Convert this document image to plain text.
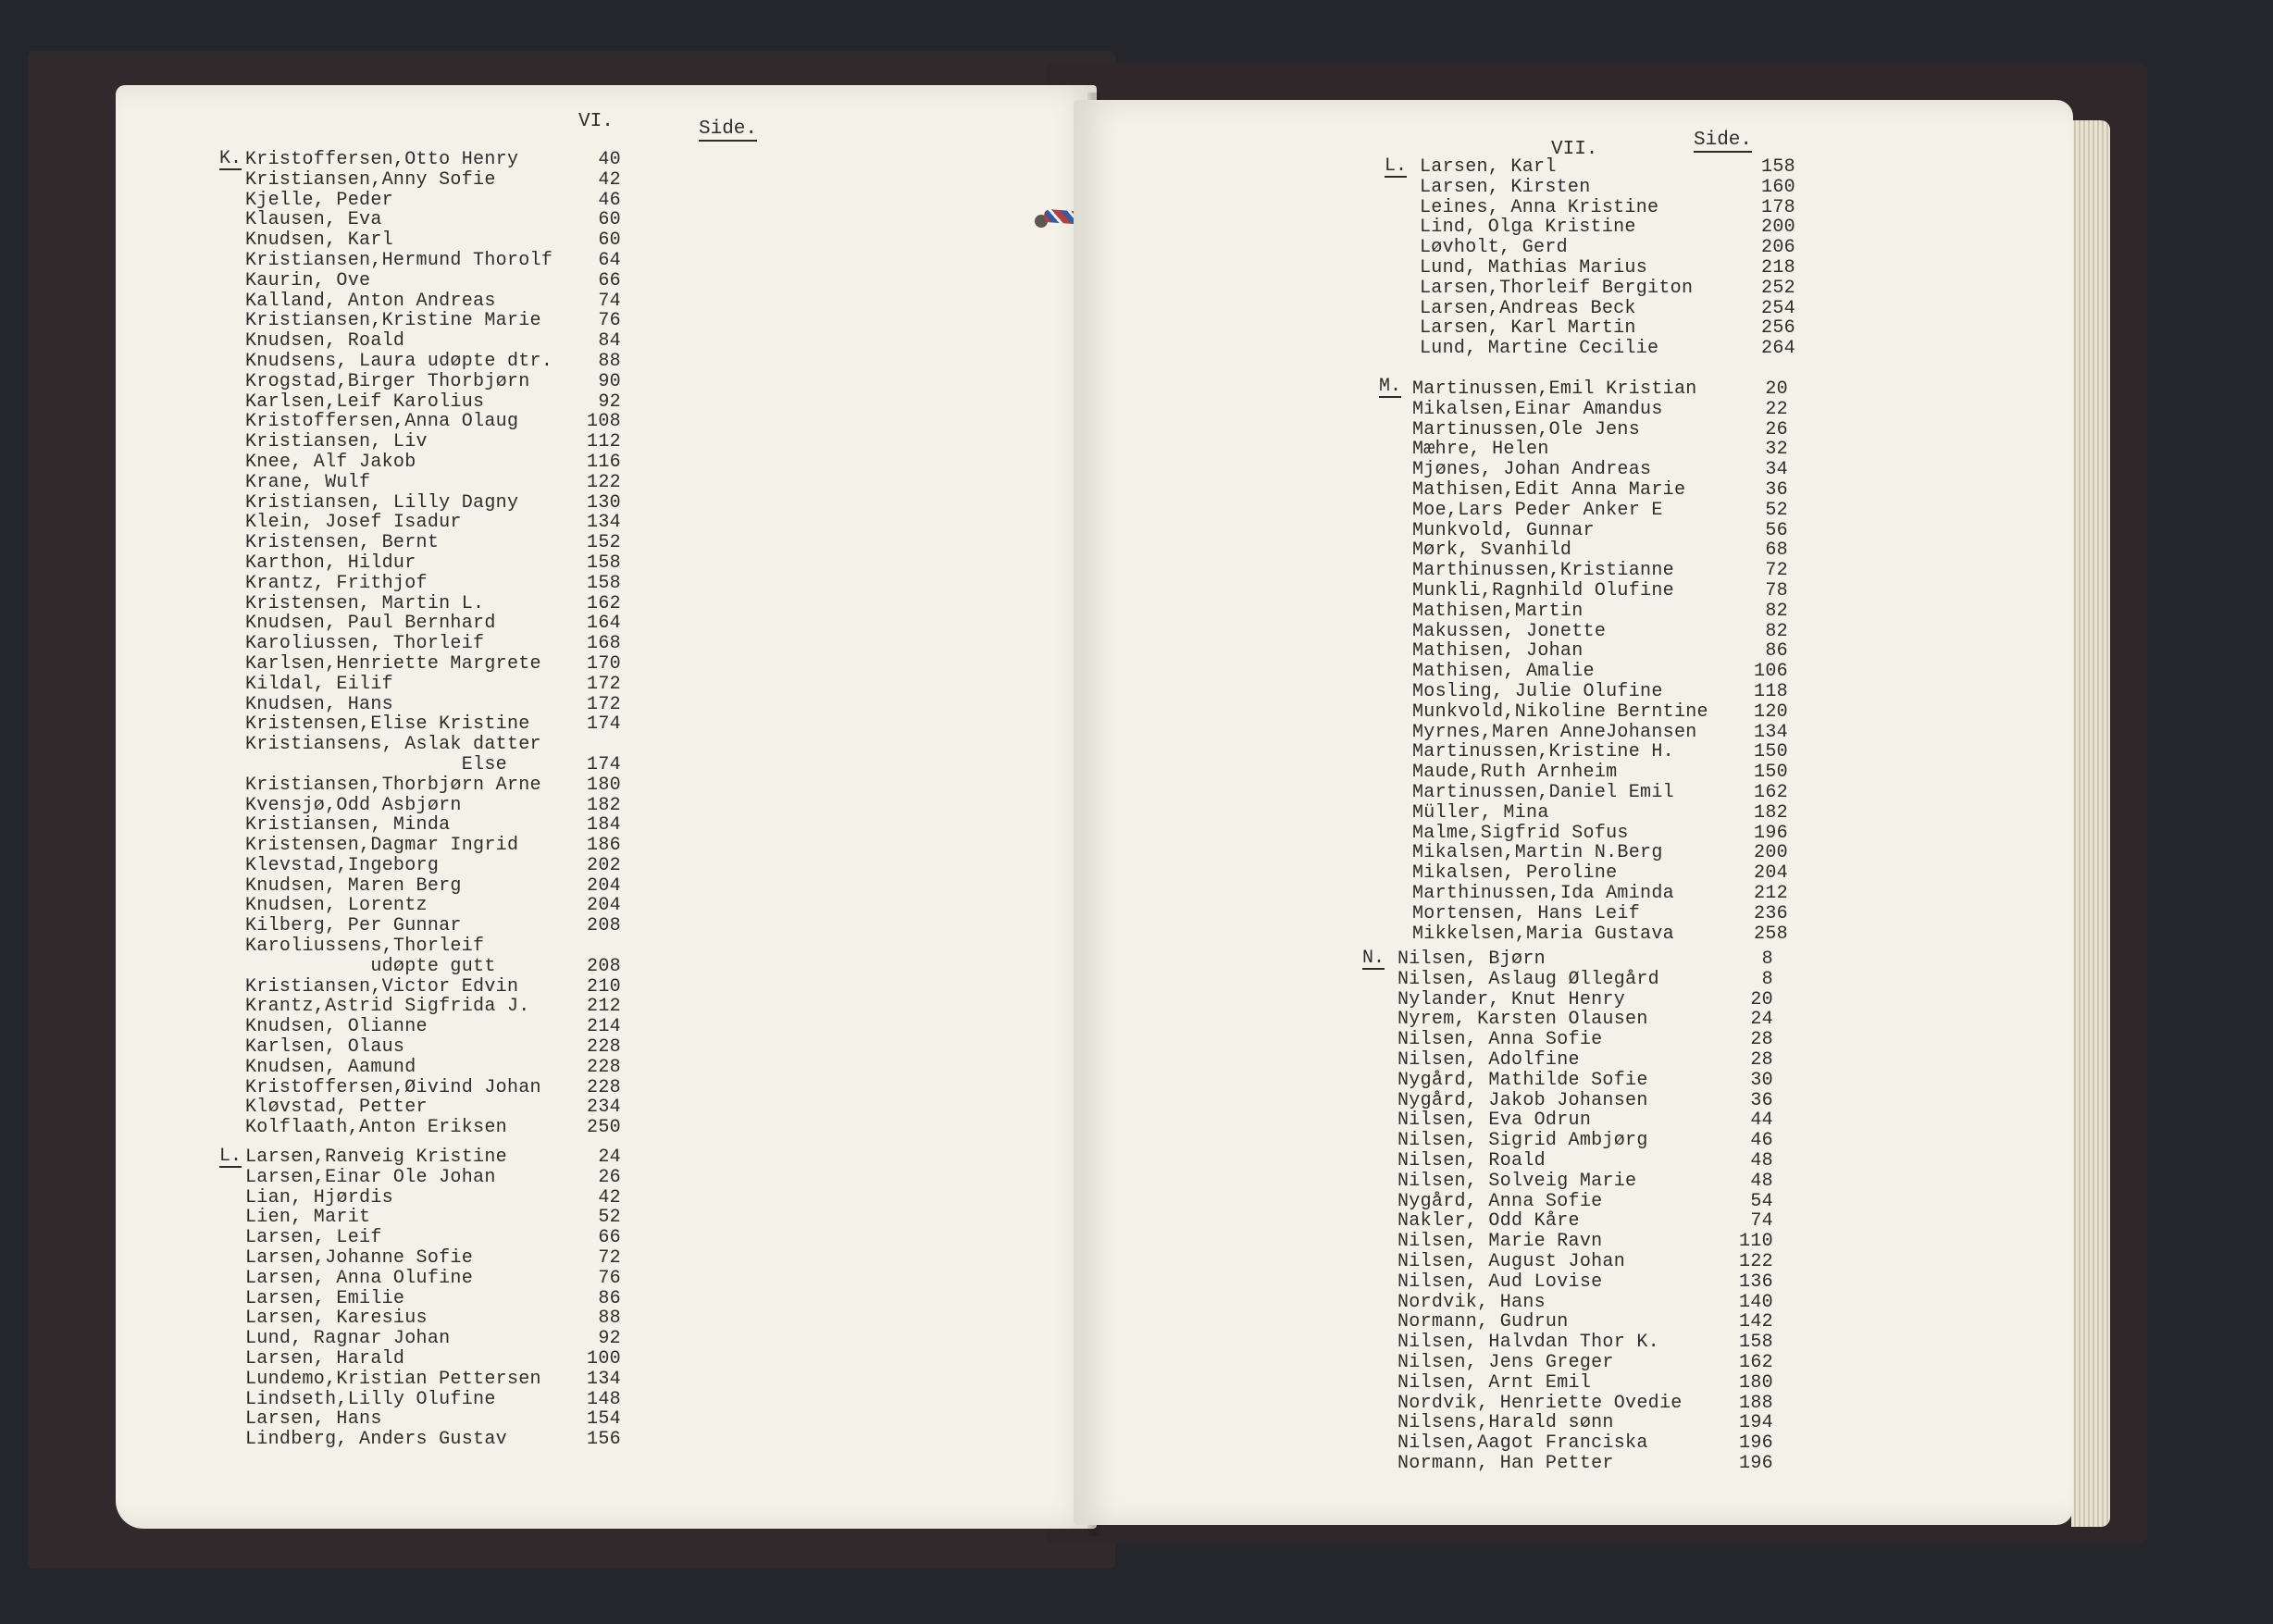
VI.	Side.
K. Kristoffersen,Otto Henry       40
Kristiansen,Anny Sofie         42
Kjelle, Peder                  46
Klausen, Eva                   60
Knudsen, Karl                  60
Kristiansen,Hermund Thorolf    64
Kaurin, Ove                    66
Kalland, Anton Andreas         74
Kristiansen,Kristine Marie     76
Knudsen, Roald                 84
Knudsens, Laura udøpte dtr.    88
Krogstad,Birger Thorbjørn      90
Karlsen,Leif Karolius          92
Kristoffersen,Anna Olaug      108
Kristiansen, Liv              112
Knee, Alf Jakob               116
Krane, Wulf                   122
Kristiansen, Lilly Dagny      130
Klein, Josef Isadur           134
Kristensen, Bernt             152
Karthon, Hildur               158
Krantz, Frithjof              158
Kristensen, Martin L.         162
Knudsen, Paul Bernhard        164
Karoliussen, Thorleif         168
Karlsen,Henriette Margrete    170
Kildal, Eilif                 172
Knudsen, Hans                 172
Kristensen,Elise Kristine     174
Kristiansens, Aslak datter
Else       174
Kristiansen,Thorbjørn Arne    180
Kvensjø,Odd Asbjørn           182
Kristiansen, Minda            184
Kristensen,Dagmar Ingrid      186
Klevstad,Ingeborg             202
Knudsen, Maren Berg           204
Knudsen, Lorentz              204
Kilberg, Per Gunnar           208
Karoliussens,Thorleif
udøpte gutt        208
Kristiansen,Victor Edvin      210
Krantz,Astrid Sigfrida J.     212
Knudsen, Olianne              214
Karlsen, Olaus                228
Knudsen, Aamund               228
Kristoffersen,Øivind Johan    228
Kløvstad, Petter              234
Kolflaath,Anton Eriksen       250
L. Larsen,Ranveig Kristine        24
Larsen,Einar Ole Johan         26
Lian, Hjørdis                  42
Lien, Marit                    52
Larsen, Leif                   66
Larsen,Johanne Sofie           72
Larsen, Anna Olufine           76
Larsen, Emilie                 86
Larsen, Karesius               88
Lund, Ragnar Johan             92
Larsen, Harald                100
Lundemo,Kristian Pettersen    134
Lindseth,Lilly Olufine        148
Larsen, Hans                  154
Lindberg, Anders Gustav       156
VII.	Side.
L. Larsen, Karl                  158
Larsen, Kirsten               160
Leines, Anna Kristine         178
Lind, Olga Kristine           200
Løvholt, Gerd                 206
Lund, Mathias Marius          218
Larsen,Thorleif Bergiton      252
Larsen,Andreas Beck           254
Larsen, Karl Martin           256
Lund, Martine Cecilie         264
M. Martinussen,Emil Kristian      20
Mikalsen,Einar Amandus         22
Martinussen,Ole Jens           26
Mæhre, Helen                   32
Mjønes, Johan Andreas          34
Mathisen,Edit Anna Marie       36
Moe,Lars Peder Anker E         52
Munkvold, Gunnar               56
Mørk, Svanhild                 68
Marthinussen,Kristianne        72
Munkli,Ragnhild Olufine        78
Mathisen,Martin                82
Makussen, Jonette              82
Mathisen, Johan                86
Mathisen, Amalie              106
Mosling, Julie Olufine        118
Munkvold,Nikoline Berntine    120
Myrnes,Maren AnneJohansen     134
Martinussen,Kristine H.       150
Maude,Ruth Arnheim            150
Martinussen,Daniel Emil       162
Müller, Mina                  182
Malme,Sigfrid Sofus           196
Mikalsen,Martin N.Berg        200
Mikalsen, Peroline            204
Marthinussen,Ida Aminda       212
Mortensen, Hans Leif          236
Mikkelsen,Maria Gustava       258
N. Nilsen, Bjørn                   8
Nilsen, Aslaug Øllegård         8
Nylander, Knut Henry           20
Nyrem, Karsten Olausen         24
Nilsen, Anna Sofie             28
Nilsen, Adolfine               28
Nygård, Mathilde Sofie         30
Nygård, Jakob Johansen         36
Nilsen, Eva Odrun              44
Nilsen, Sigrid Ambjørg         46
Nilsen, Roald                  48
Nilsen, Solveig Marie          48
Nygård, Anna Sofie             54
Nakler, Odd Kåre               74
Nilsen, Marie Ravn            110
Nilsen, August Johan          122
Nilsen, Aud Lovise            136
Nordvik, Hans                 140
Normann, Gudrun               142
Nilsen, Halvdan Thor K.       158
Nilsen, Jens Greger           162
Nilsen, Arnt Emil             180
Nordvik, Henriette Ovedie     188
Nilsens,Harald sønn           194
Nilsen,Aagot Franciska        196
Normann, Han Petter           196
